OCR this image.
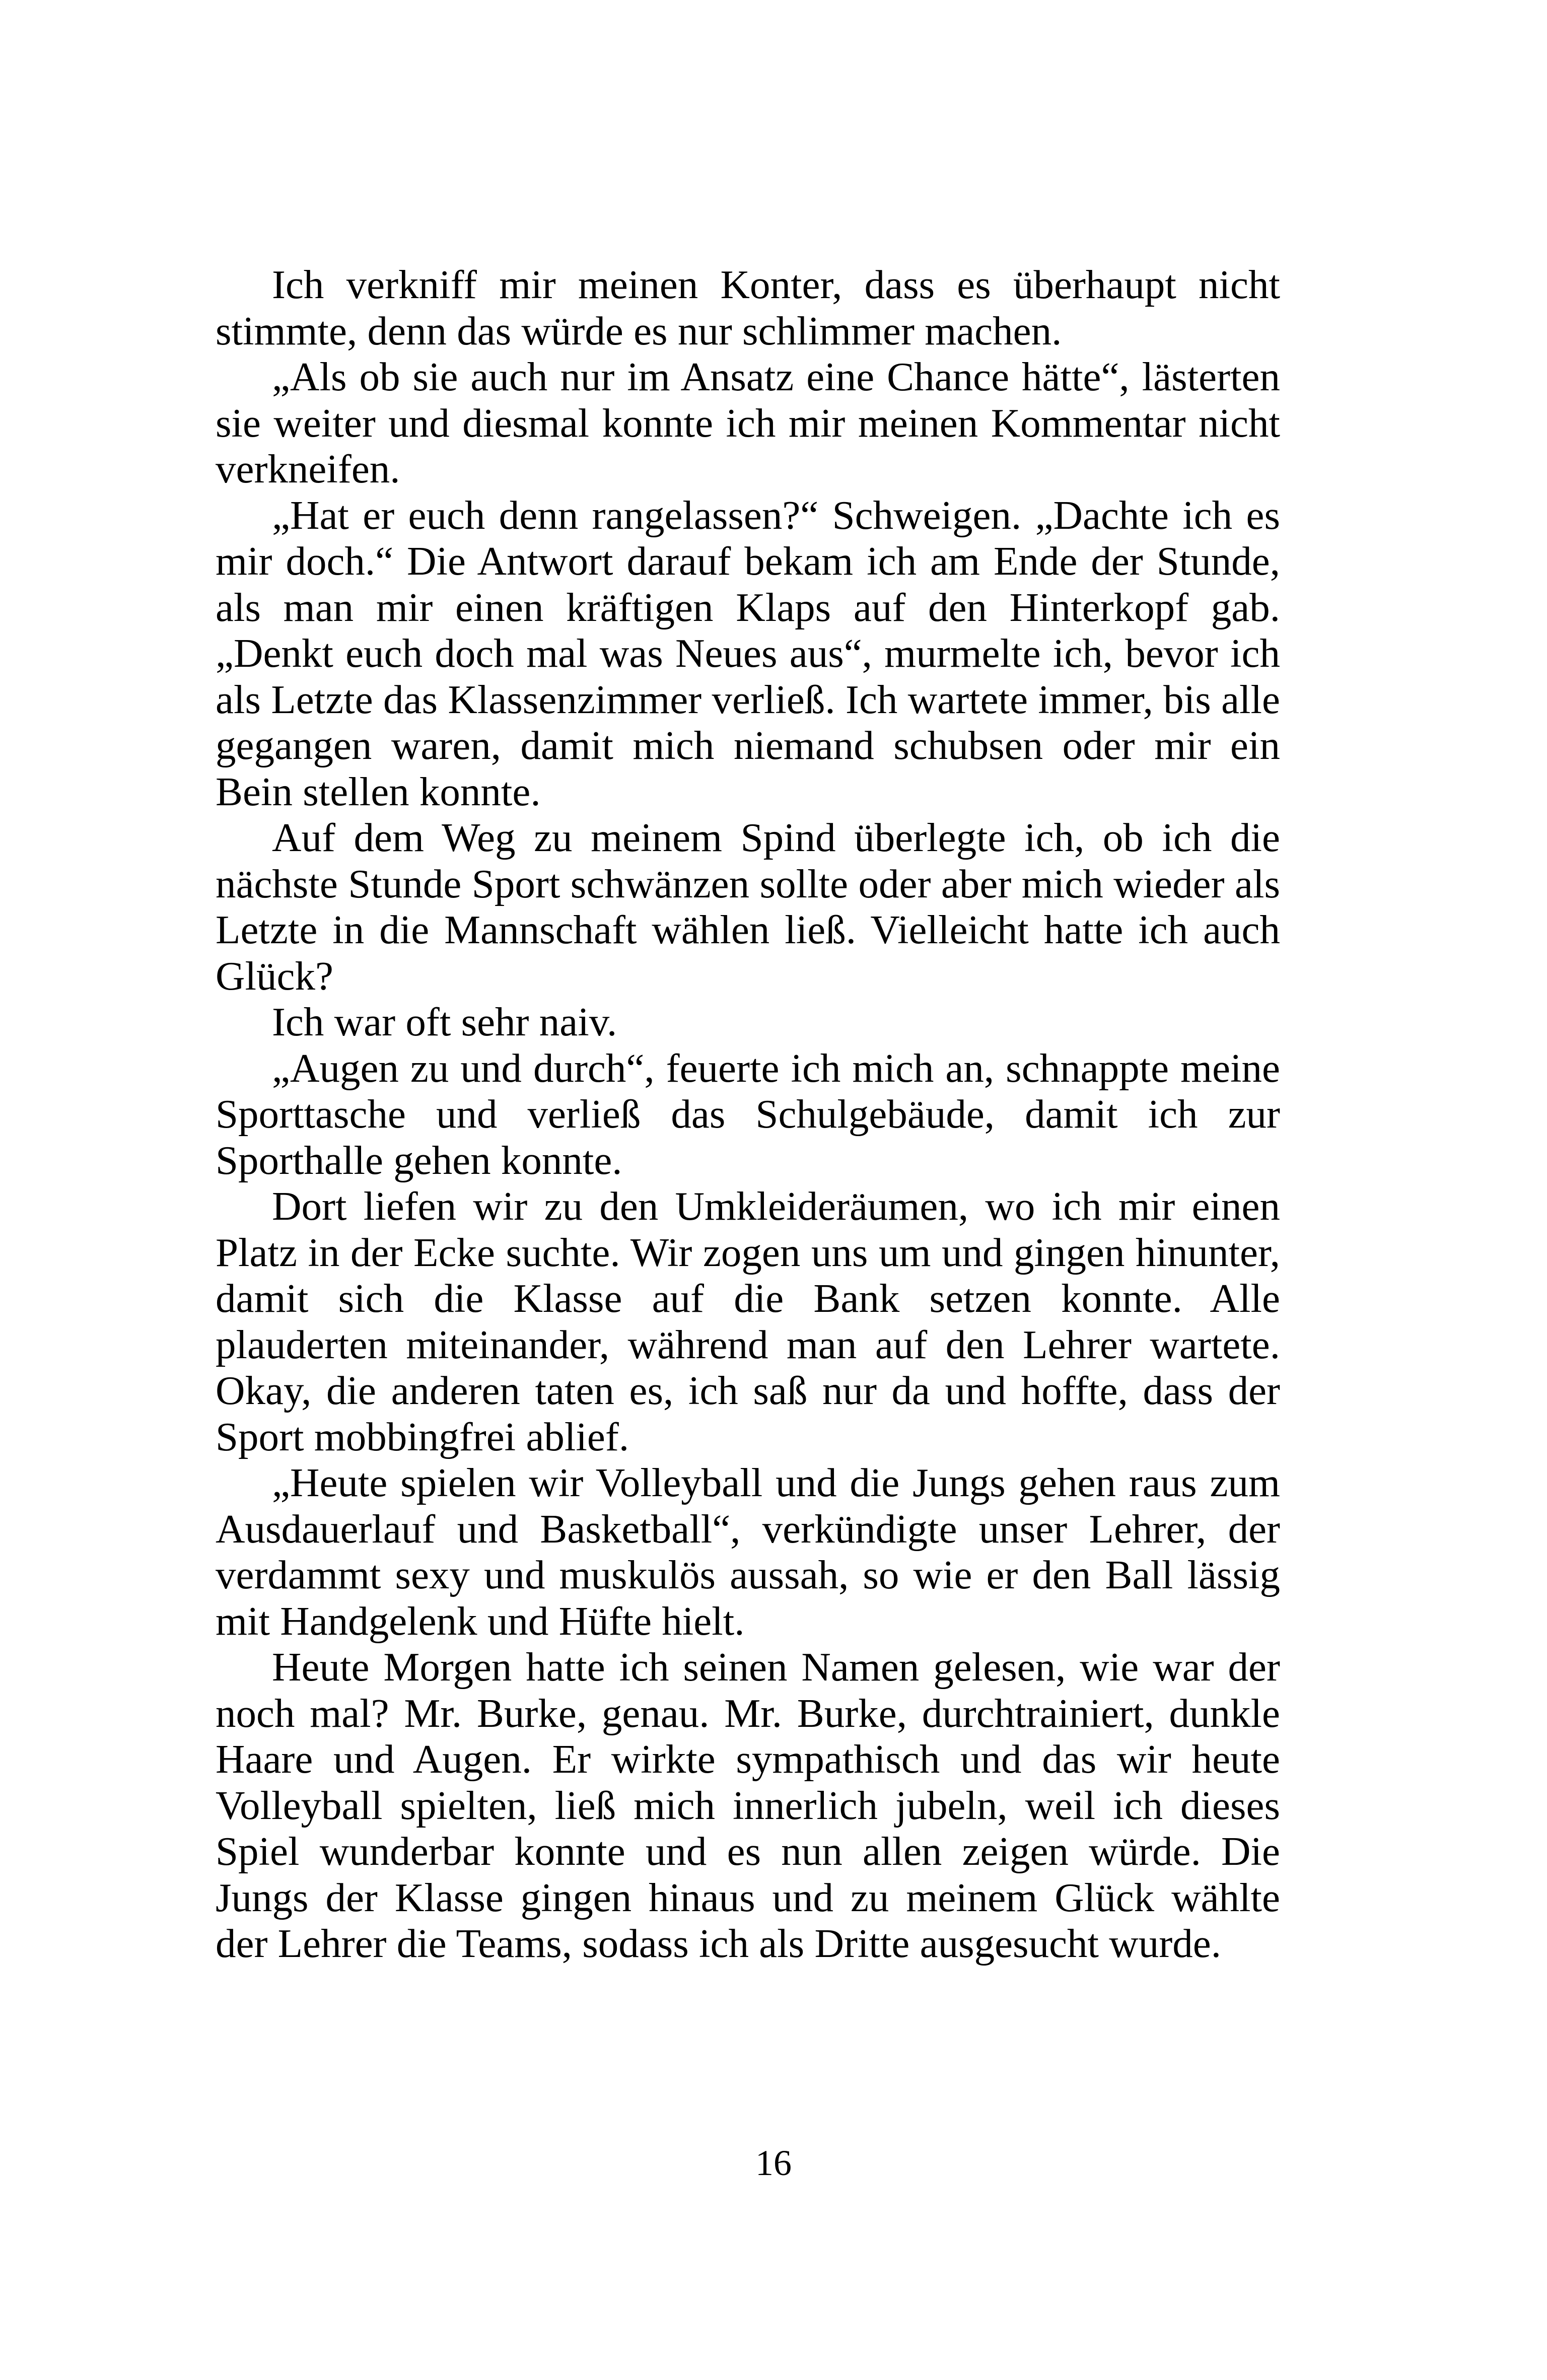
Ich verkniff mir meinen Konter, dass es überhaupt nicht stimmte, denn das würde es nur schlimmer machen.

„Als ob sie auch nur im Ansatz eine Chance hätte“, lästerten sie weiter und diesmal konnte ich mir meinen Kommentar nicht verkneifen.

„Hat er euch denn rangelassen?“ Schweigen. „Dachte ich es mir doch.“ Die Antwort darauf bekam ich am Ende der Stunde, als man mir einen kräftigen Klaps auf den Hinterkopf gab. „Denkt euch doch mal was Neues aus“, murmelte ich, bevor ich als Letzte das Klassenzimmer verließ. Ich wartete immer, bis alle gegangen waren, damit mich niemand schubsen oder mir ein Bein stellen konnte.

Auf dem Weg zu meinem Spind überlegte ich, ob ich die nächste Stunde Sport schwänzen sollte oder aber mich wieder als Letzte in die Mannschaft wählen ließ. Vielleicht hatte ich auch Glück?

Ich war oft sehr naiv.

„Augen zu und durch“, feuerte ich mich an, schnappte meine Sporttasche und verließ das Schulgebäude, damit ich zur Sporthalle gehen konnte.

Dort liefen wir zu den Umkleideräumen, wo ich mir einen Platz in der Ecke suchte. Wir zogen uns um und gingen hinunter, damit sich die Klasse auf die Bank setzen konnte. Alle plauderten miteinander, während man auf den Lehrer wartete. Okay, die anderen taten es, ich saß nur da und hoffte, dass der Sport mobbingfrei ablief.

„Heute spielen wir Volleyball und die Jungs gehen raus zum Ausdauerlauf und Basketball“, verkündigte unser Lehrer, der verdammt sexy und muskulös aussah, so wie er den Ball lässig mit Handgelenk und Hüfte hielt.

Heute Morgen hatte ich seinen Namen gelesen, wie war der noch mal? Mr. Burke, genau. Mr. Burke, durchtrainiert, dunkle Haare und Augen. Er wirkte sympathisch und das wir heute Volleyball spielten, ließ mich innerlich jubeln, weil ich dieses Spiel wunderbar konnte und es nun allen zeigen würde. Die Jungs der Klasse gingen hinaus und zu meinem Glück wählte der Lehrer die Teams, sodass ich als Dritte ausgesucht wurde.

16
